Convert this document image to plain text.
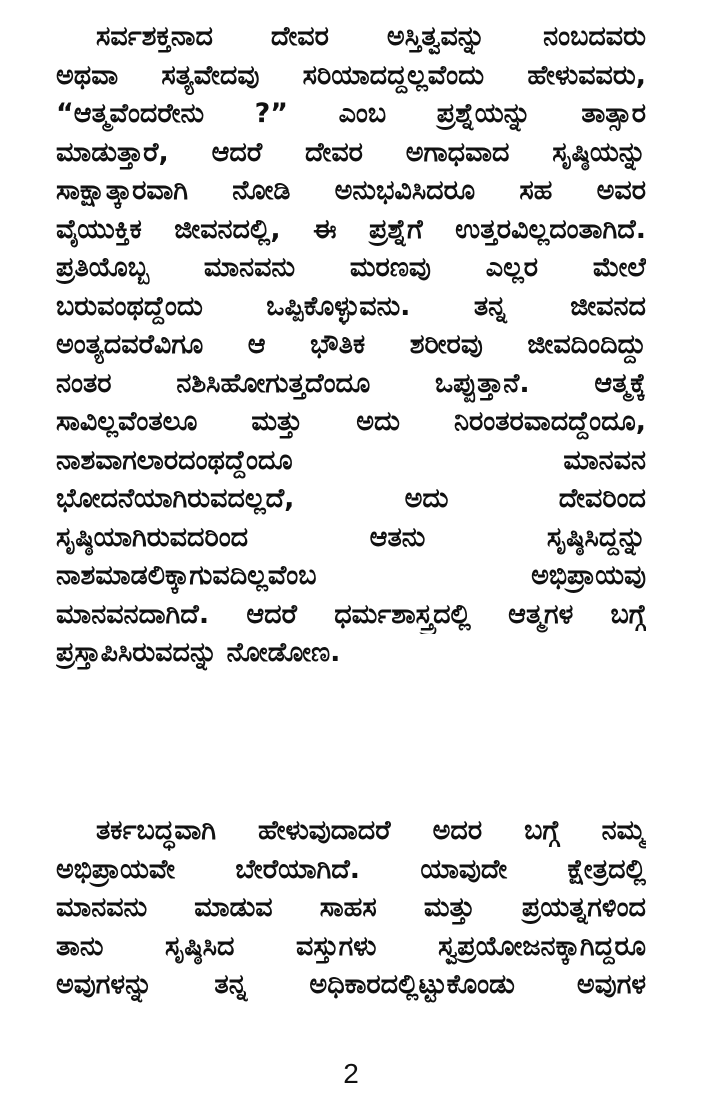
ಸರ್ವಶಕ್ತನಾದ ದೇವರ ಅಸ್ತಿತ್ವವನ್ನು ನಂಬದವರು
ಅಥವಾ ಸತ್ಯವೇದವು ಸರಿಯಾದದ್ದಲ್ಲವೆಂದು ಹೇಳುವವರು,
“ಆತ್ಮವೆಂದರೇನು ?” ಎಂಬ ಪ್ರಶ್ನೆಯನ್ನು ತಾತ್ಸಾರ
ಮಾಡುತ್ತಾರೆ, ಆದರೆ ದೇವರ ಅಗಾಧವಾದ ಸೃಷ್ಠಿಯನ್ನು
ಸಾಕ್ಷಾತ್ಕಾರವಾಗಿ ನೋಡಿ ಅನುಭವಿಸಿದರೂ ಸಹ ಅವರ
ವೈಯುಕ್ತಿಕ ಜೀವನದಲ್ಲಿ, ಈ ಪ್ರಶ್ನೆಗೆ ಉತ್ತರವಿಲ್ಲದಂತಾಗಿದೆ.
ಪ್ರತಿಯೊಬ್ಬ ಮಾನವನು ಮರಣವು ಎಲ್ಲರ ಮೇಲೆ
ಬರುವಂಥದ್ದೆಂದು ಒಪ್ಪಿಕೊಳ್ಳುವನು. ತನ್ನ ಜೀವನದ
ಅಂತ್ಯದವರೆವಿಗೂ ಆ ಭೌತಿಕ ಶರೀರವು ಜೀವದಿಂದಿದ್ದು
ನಂತರ ನಶಿಸಿಹೋಗುತ್ತದೆಂದೂ ಒಪ್ಪುತ್ತಾನೆ. ಆತ್ಮಕ್ಕೆ
ಸಾವಿಲ್ಲವೆಂತಲೂ ಮತ್ತು ಅದು ನಿರಂತರವಾದದ್ದೆಂದೂ,
ನಾಶವಾಗಲಾರದಂಥದ್ದೆಂದೂ ಮಾನವನ
ಭೋದನೆಯಾಗಿರುವದಲ್ಲದೆ, ಅದು ದೇವರಿಂದ
ಸೃಷ್ಠಿಯಾಗಿರುವದರಿಂದ ಆತನು ಸೃಷ್ಠಿಸಿದ್ದನ್ನು
ನಾಶಮಾಡಲಿಕ್ಕಾಗುವದಿಲ್ಲವೆಂಬ ಅಭಿಪ್ರಾಯವು
ಮಾನವನದಾಗಿದೆ. ಆದರೆ ಧರ್ಮಶಾಸ್ತ್ರದಲ್ಲಿ ಆತ್ಮಗಳ ಬಗ್ಗೆ
ಪ್ರಸ್ತಾಪಿಸಿರುವದನ್ನು ನೋಡೋಣ.
ತರ್ಕಬದ್ಧವಾಗಿ ಹೇಳುವುದಾದರೆ ಅದರ ಬಗ್ಗೆ ನಮ್ಮ
ಅಭಿಪ್ರಾಯವೇ ಬೇರೆಯಾಗಿದೆ. ಯಾವುದೇ ಕ್ಷೇತ್ರದಲ್ಲಿ
ಮಾನವನು ಮಾಡುವ ಸಾಹಸ ಮತ್ತು ಪ್ರಯತ್ನಗಳಿಂದ
ತಾನು ಸೃಷ್ಠಿಸಿದ ವಸ್ತುಗಳು ಸ್ವಪ್ರಯೋಜನಕ್ಕಾಗಿದ್ದರೂ
ಅವುಗಳನ್ನು ತನ್ನ ಅಧಿಕಾರದಲ್ಲಿಟ್ಟುಕೊಂಡು ಅವುಗಳ
2
